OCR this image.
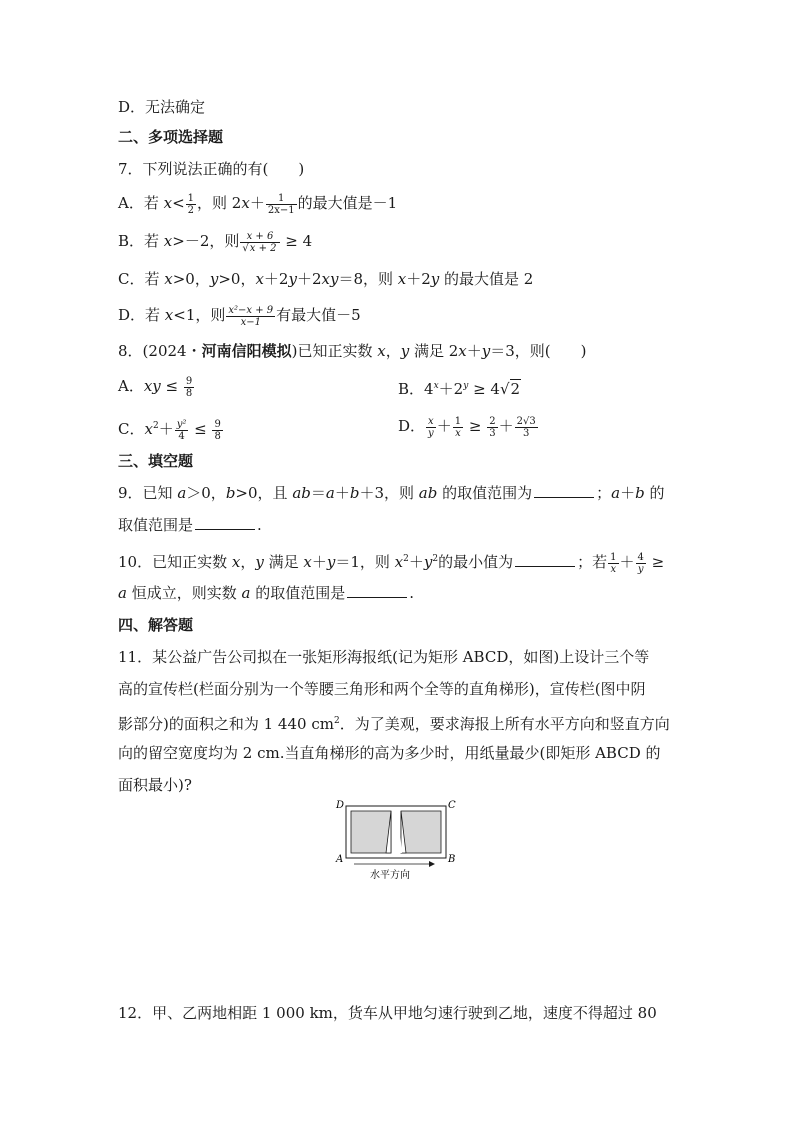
D．无法确定
二、多项选择题
7．下列说法正确的有(　　)
A．若 $x< \frac{1}{2}$ ，则 $2x+ \frac{1}{2x-1}$ 的最大值是－1
B．若 x>－2，则 $\frac{x + 6}{√x + 2} \ge 4$
C．若 x>0，y>0，x＋2y＋2xy＝8，则 x＋2y 的最大值是 2
D．若 x<1，则 $\frac{\text{x²−x + 9}}{x-1}$ 有最大值－5
8．(2024・河南信阳模拟)已知正实数 x，y 满足 2x＋y＝3，则(　　)
A．xy ≤ $\frac{9}{8}$	B．$4^x+2^y \ge 4√2$
C．$x^2+ \frac{\text{y²}}{4} \le \frac{9}{8}$	D． $\frac{x}{y} + \frac{1}{x} \ge \frac{2}{3} + \frac{2√3}{3}$
三、填空题
9．已知 a＞0，b>0，且 ab＝a＋b＋3，则 ab 的取值范围为	；a＋b 的
取值范围是	.
10．已知正实数 x，y 满足 x＋y＝1，则 $x^2+y^2$的最小值为	；若 $\frac{1}{x} + \frac{4}{y}$ ≥
a 恒成立，则实数 a 的取值范围是	.
四、解答题
11．某公益广告公司拟在一张矩形海报纸(记为矩形 ABCD，如图)上设计三个等
高的宣传栏(栏面分别为一个等腰三角形和两个全等的直角梯形)，宣传栏(图中阴
影部分)的面积之和为 1 440 $cm^2$．为了美观，要求海报上所有水平方向和竖直方向
向的留空宽度均为 2 cm.当直角梯形的高为多少时，用纸量最少(即矩形 ABCD 的
面积最小)?
D	C
A	B
水平方向
12．甲、乙两地相距 1 000 km，货车从甲地匀速行驶到乙地，速度不得超过 80
